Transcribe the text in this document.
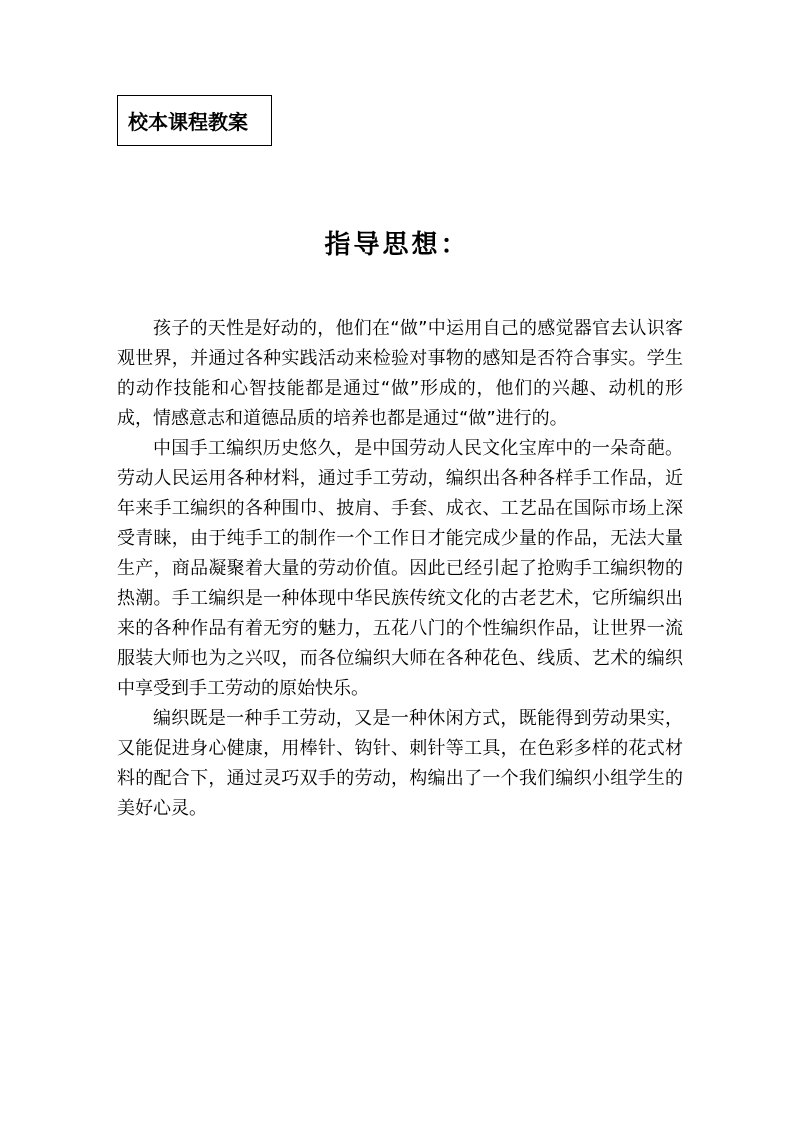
校本课程教案
指导思想：

孩子的天性是好动的，他们在“做”中运用自己的感觉器官去认识客观世界，并通过各种实践活动来检验对事物的感知是否符合事实。学生的动作技能和心智技能都是通过“做”形成的，他们的兴趣、动机的形成，情感意志和道德品质的培养也都是通过“做”进行的。

中国手工编织历史悠久，是中国劳动人民文化宝库中的一朵奇葩。劳动人民运用各种材料，通过手工劳动，编织出各种各样手工作品，近年来手工编织的各种围巾、披肩、手套、成衣、工艺品在国际市场上深受青睐，由于纯手工的制作一个工作日才能完成少量的作品，无法大量生产，商品凝聚着大量的劳动价值。因此已经引起了抢购手工编织物的热潮。手工编织是一种体现中华民族传统文化的古老艺术，它所编织出来的各种作品有着无穷的魅力，五花八门的个性编织作品，让世界一流服装大师也为之兴叹，而各位编织大师在各种花色、线质、艺术的编织中享受到手工劳动的原始快乐。

编织既是一种手工劳动，又是一种休闲方式，既能得到劳动果实，又能促进身心健康，用棒针、钩针、刺针等工具，在色彩多样的花式材料的配合下，通过灵巧双手的劳动，构编出了一个我们编织小组学生的美好心灵。
